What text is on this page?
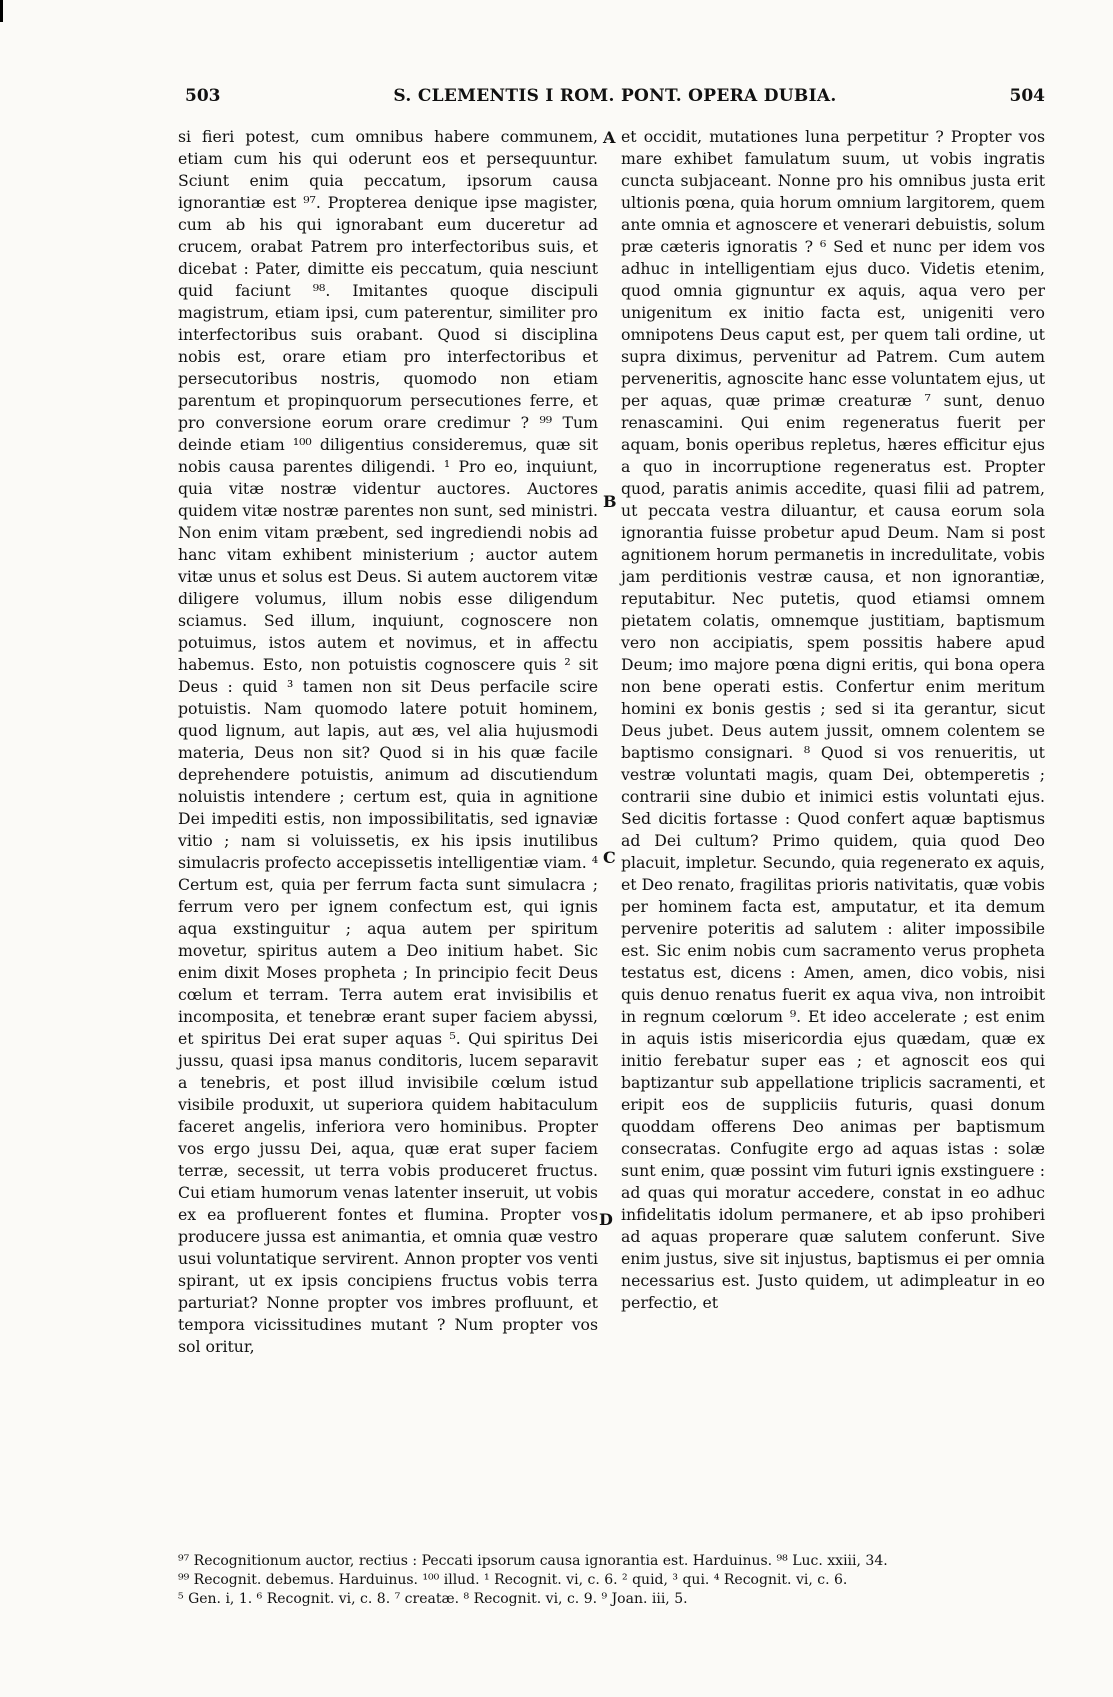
503	S. CLEMENTIS I ROM. PONT. OPERA DUBIA.	504

si fieri potest, cum omnibus habere communem, etiam cum his qui oderunt eos et persequuntur. Sciunt enim quia peccatum, ipsorum causa ignorantiæ est ⁹⁷. Propterea denique ipse magister, cum ab his qui ignorabant eum duceretur ad crucem, orabat Patrem pro interfectoribus suis, et dicebat : Pater, dimitte eis peccatum, quia nesciunt quid faciunt ⁹⁸. Imitantes quoque discipuli magistrum, etiam ipsi, cum paterentur, similiter pro interfectoribus suis orabant. Quod si disciplina nobis est, orare etiam pro interfectoribus et persecutoribus nostris, quomodo non etiam parentum et propinquorum persecutiones ferre, et pro conversione eorum orare credimur ? ⁹⁹ Tum deinde etiam ¹⁰⁰ diligentius consideremus, quæ sit nobis causa parentes diligendi. ¹ Pro eo, inquiunt, quia vitæ nostræ videntur auctores. Auctores quidem vitæ nostræ parentes non sunt, sed ministri. Non enim vitam præbent, sed ingrediendi nobis ad hanc vitam exhibent ministerium ; auctor autem vitæ unus et solus est Deus. Si autem auctorem vitæ diligere volumus, illum nobis esse diligendum sciamus. Sed illum, inquiunt, cognoscere non potuimus, istos autem et novimus, et in affectu habemus. Esto, non potuistis cognoscere quis ² sit Deus : quid ³ tamen non sit Deus perfacile scire potuistis. Nam quomodo latere potuit hominem, quod lignum, aut lapis, aut æs, vel alia hujusmodi materia, Deus non sit? Quod si in his quæ facile deprehendere potuistis, animum ad discutiendum noluistis intendere ; certum est, quia in agnitione Dei impediti estis, non impossibilitatis, sed ignaviæ vitio ; nam si voluissetis, ex his ipsis inutilibus simulacris profecto accepissetis intelligentiæ viam. ⁴ Certum est, quia per ferrum facta sunt simulacra ; ferrum vero per ignem confectum est, qui ignis aqua exstinguitur ; aqua autem per spiritum movetur, spiritus autem a Deo initium habet. Sic enim dixit Moses propheta ; In principio fecit Deus cœlum et terram. Terra autem erat invisibilis et incomposita, et tenebræ erant super faciem abyssi, et spiritus Dei erat super aquas ⁵. Qui spiritus Dei jussu, quasi ipsa manus conditoris, lucem separavit a tenebris, et post illud invisibile cœlum istud visibile produxit, ut superiora quidem habitaculum faceret angelis, inferiora vero hominibus. Propter vos ergo jussu Dei, aqua, quæ erat super faciem terræ, secessit, ut terra vobis produceret fructus. Cui etiam humorum venas latenter inseruit, ut vobis ex ea profluerent fontes et flumina. Propter vos producere jussa est animantia, et omnia quæ vestro usui voluntatique servirent. Annon propter vos venti spirant, ut ex ipsis concipiens fructus vobis terra parturiat? Nonne propter vos imbres profluunt, et tempora vicissitudines mutant ? Num propter vos sol oritur,

et occidit, mutationes luna perpetitur ? Propter vos mare exhibet famulatum suum, ut vobis ingratis cuncta subjaceant. Nonne pro his omnibus justa erit ultionis pœna, quia horum omnium largitorem, quem ante omnia et agnoscere et venerari debuistis, solum præ cæteris ignoratis ? ⁶ Sed et nunc per idem vos adhuc in intelligentiam ejus duco. Videtis etenim, quod omnia gignuntur ex aquis, aqua vero per unigenitum ex initio facta est, unigeniti vero omnipotens Deus caput est, per quem tali ordine, ut supra diximus, pervenitur ad Patrem. Cum autem perveneritis, agnoscite hanc esse voluntatem ejus, ut per aquas, quæ primæ creaturæ ⁷ sunt, denuo renascamini. Qui enim regeneratus fuerit per aquam, bonis operibus repletus, hæres efficitur ejus a quo in incorruptione regeneratus est. Propter quod, paratis animis accedite, quasi filii ad patrem, ut peccata vestra diluantur, et causa eorum sola ignorantia fuisse probetur apud Deum. Nam si post agnitionem horum permanetis in incredulitate, vobis jam perditionis vestræ causa, et non ignorantiæ, reputabitur. Nec putetis, quod etiamsi omnem pietatem colatis, omnemque justitiam, baptismum vero non accipiatis, spem possitis habere apud Deum; imo majore pœna digni eritis, qui bona opera non bene operati estis. Confertur enim meritum homini ex bonis gestis ; sed si ita gerantur, sicut Deus jubet. Deus autem jussit, omnem colentem se baptismo consignari. ⁸ Quod si vos renueritis, ut vestræ voluntati magis, quam Dei, obtemperetis ; contrarii sine dubio et inimici estis voluntati ejus. Sed dicitis fortasse : Quod confert aquæ baptismus ad Dei cultum? Primo quidem, quia quod Deo placuit, impletur. Secundo, quia regenerato ex aquis, et Deo renato, fragilitas prioris nativitatis, quæ vobis per hominem facta est, amputatur, et ita demum pervenire poteritis ad salutem : aliter impossibile est. Sic enim nobis cum sacramento verus propheta testatus est, dicens : Amen, amen, dico vobis, nisi quis denuo renatus fuerit ex aqua viva, non introibit in regnum cœlorum ⁹. Et ideo accelerate ; est enim in aquis istis misericordia ejus quædam, quæ ex initio ferebatur super eas ; et agnoscit eos qui baptizantur sub appellatione triplicis sacramenti, et eripit eos de suppliciis futuris, quasi donum quoddam offerens Deo animas per baptismum consecratas. Confugite ergo ad aquas istas : solæ sunt enim, quæ possint vim futuri ignis exstinguere : ad quas qui moratur accedere, constat in eo adhuc infidelitatis idolum permanere, et ab ipso prohiberi ad aquas properare quæ salutem conferunt. Sive enim justus, sive sit injustus, baptismus ei per omnia necessarius est. Justo quidem, ut adimpleatur in eo perfectio, et

A
B
C
D
⁹⁷ Recognitionum auctor, rectius : Peccati ipsorum causa ignorantia est. Harduinus. ⁹⁸ Luc. xxiii, 34.
⁹⁹ Recognit. debemus. Harduinus. ¹⁰⁰ illud. ¹ Recognit. vi, c. 6. ² quid, ³ qui. ⁴ Recognit. vi, c. 6.
⁵ Gen. i, 1. ⁶ Recognit. vi, c. 8. ⁷ creatæ. ⁸ Recognit. vi, c. 9. ⁹ Joan. iii, 5.
